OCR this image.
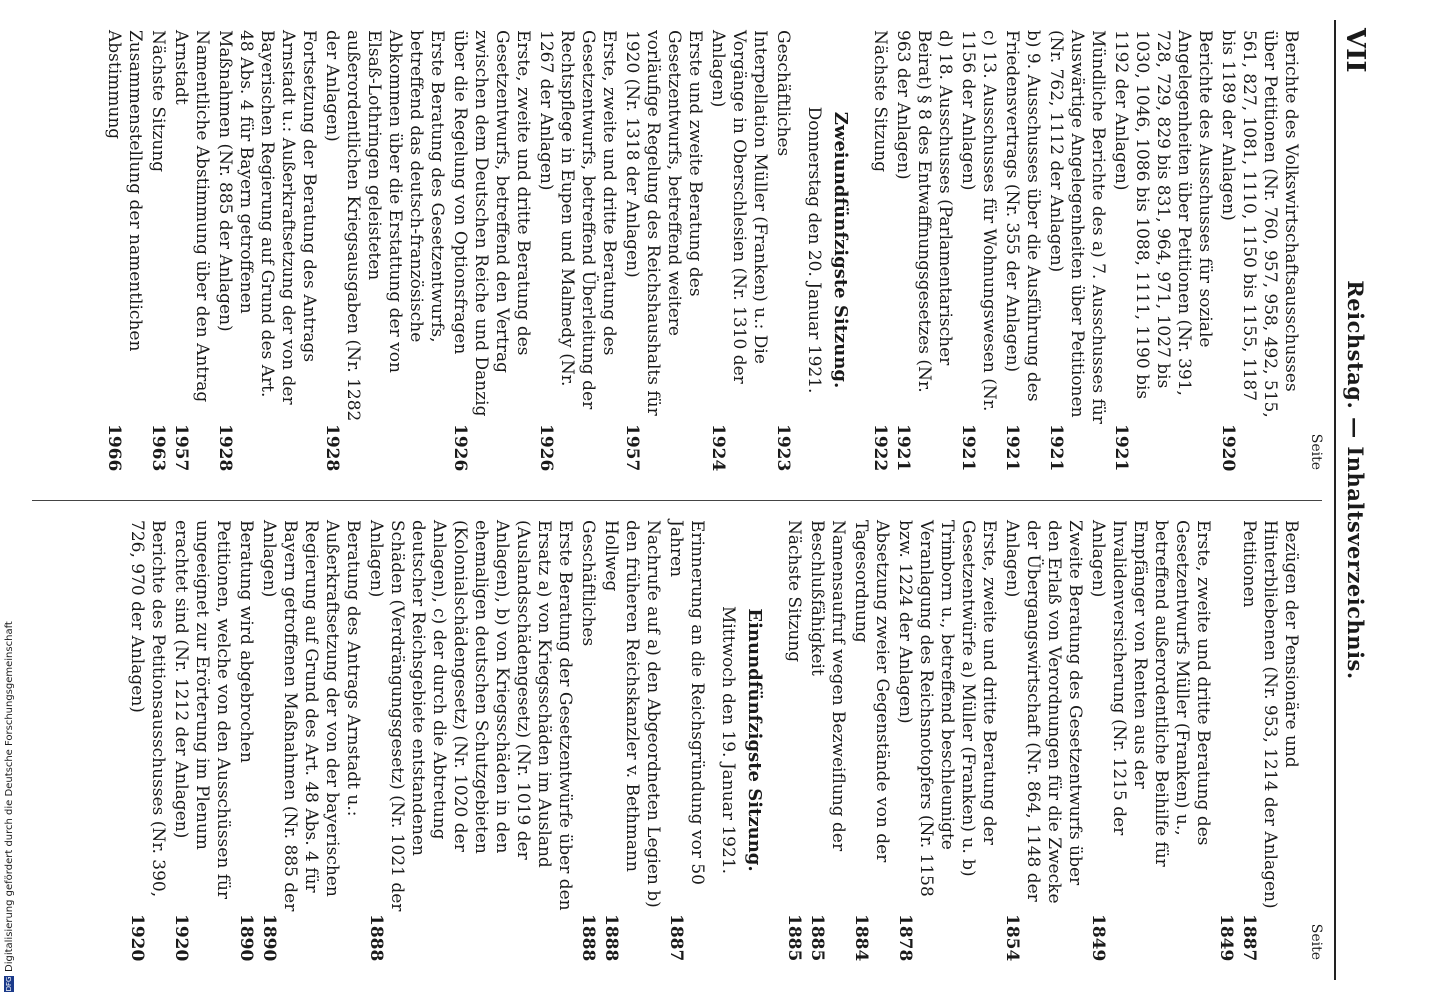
VII
Reichstag. — Inhaltsverzeichnis.
Seite
Berichte des Volkswirtschaftsausschusses über Petitionen (Nr. 760, 957, 958, 492, 515, 561, 827, 1081, 1110, 1150 bis 1155, 1187 bis 1189 der Anlagen)
1920
Berichte des Ausschusses für soziale Angelegenheiten über Petitionen (Nr. 391, 728, 729, 829 bis 831, 964, 971, 1027 bis 1030, 1046, 1086 bis 1088, 1111, 1190 bis 1192 der Anlagen)
1921
Mündliche Berichte des a) 7. Ausschusses für Auswärtige Angelegenheiten über Petitionen (Nr. 762, 1112 der Anlagen)
1921
b) 9. Ausschusses über die Ausführung des Friedensvertrags (Nr. 355 der Anlagen)
1921
c) 13. Ausschusses für Wohnungswesen (Nr. 1156 der Anlagen)
1921
d) 18. Ausschusses (Parlamentarischer Beirat) § 8 des Entwaffnungsgesetzes (Nr. 963 der Anlagen)
1921
Nächste Sitzung
1922
Zweiundfünfzigste Sitzung.
Donnerstag den 20. Januar 1921.
Geschäftliches
1923
Interpellation Müller (Franken) u.: Die Vorgänge in Oberschlesien (Nr. 1310 der Anlagen)
1924
Erste und zweite Beratung des Gesetzentwurfs, betreffend weitere vorläufige Regelung des Reichshaushalts für 1920 (Nr. 1318 der Anlagen)
1957
Erste, zweite und dritte Beratung des Gesetzentwurfs, betreffend Überleitung der Rechtspflege in Eupen und Malmedy (Nr. 1267 der Anlagen)
1926
Erste, zweite und dritte Beratung des Gesetzentwurfs, betreffend den Vertrag zwischen dem Deutschen Reiche und Danzig über die Regelung von Optionsfragen
1926
Erste Beratung des Gesetzentwurfs, betreffend das deutsch-französische Abkommen über die Erstattung der von Elsaß-Lothringen geleisteten außerordentlichen Kriegsausgaben (Nr. 1282 der Anlagen)
1928
Fortsetzung der Beratung des Antrags Arnstadt u.: Außerkraftsetzung der von der Bayerischen Regierung auf Grund des Art. 48 Abs. 4 für Bayern getroffenen Maßnahmen (Nr. 885 der Anlagen)
1928
Namentliche Abstimmung über den Antrag Arnstadt
1957
Nächste Sitzung
1963
Zusammenstellung der namentlichen Abstimmung
1966
Seite
Bezügen der Pensionäre und Hinterbliebenen (Nr. 953, 1214 der Anlagen) Petitionen
1887
1849
Erste, zweite und dritte Beratung des Gesetzentwurfs Müller (Franken) u., betreffend außerordentliche Beihilfe für Empfänger von Renten aus der Invalidenversicherung (Nr. 1215 der Anlagen)
1849
Zweite Beratung des Gesetzentwurfs über den Erlaß von Verordnungen für die Zwecke der Übergangswirtschaft (Nr. 864, 1148 der Anlagen)
1854
Erste, zweite und dritte Beratung der Gesetzentwürfe a) Müller (Franken) u. b) Trimborn u., betreffend beschleunigte Veranlagung des Reichsnotopfers (Nr. 1158 bzw. 1224 der Anlagen)
1878
Absetzung zweier Gegenstände von der Tagesordnung
1884
Namensaufruf wegen Bezweiflung der Beschlußfähigkeit
1885
Nächste Sitzung
1885
Einundfünfzigste Sitzung.
Mittwoch den 19. Januar 1921.
Erinnerung an die Reichsgründung vor 50 Jahren
1887
Nachrufe auf a) den Abgeordneten Legien b) den früheren Reichskanzler v. Bethmann Hollweg
1888
Geschäftliches
1888
Erste Beratung der Gesetzentwürfe über den Ersatz a) von Kriegsschäden im Ausland (Auslandsschädengesetz) (Nr. 1019 der Anlagen), b) von Kriegsschäden in den ehemaligen deutschen Schutzgebieten (Kolonialschädengesetz) (Nr. 1020 der Anlagen), c) der durch die Abtretung deutscher Reichsgebiete entstandenen Schäden (Verdrängungsgesetz) (Nr. 1021 der Anlagen)
1888
Beratung des Antrags Arnstadt u.: Außerkraftsetzung der von der bayerischen Regierung auf Grund des Art. 48 Abs. 4 für Bayern getroffenen Maßnahmen (Nr. 885 der Anlagen)
1890
Beratung wird abgebrochen
1890
Petitionen, welche von den Ausschüssen für ungeeignet zur Erörterung im Plenum erachtet sind (Nr. 1212 der Anlagen)
1920
Berichte des Petitionsausschusses (Nr. 390, 726, 970 der Anlagen)
1920
DFGDigitalisierung gefördert durch die Deutsche Forschungsgemeinschaft
